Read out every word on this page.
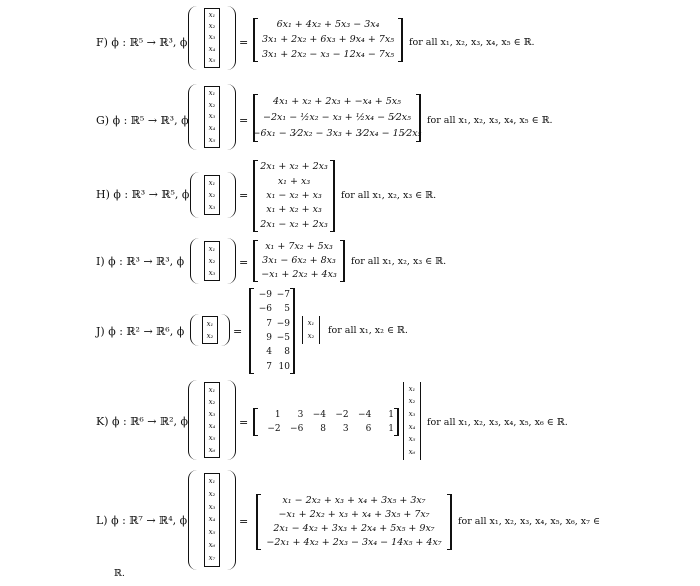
F) ϕ : ℝ⁵ → ℝ³, ϕ
x₁
x₂
x₃
x₄
x₅
=
6x₁ + 4x₂ + 5x₃ − 3x₄
3x₁ + 2x₂ + 6x₃ + 9x₄ + 7x₅
3x₁ + 2x₂ − x₃ − 12x₄ − 7x₅
for all x₁, x₂, x₃, x₄, x₅ ∈ ℝ.
G) ϕ : ℝ⁵ → ℝ³, ϕ
x₁
x₂
x₃
x₄
x₅
=
4x₁ + x₂ + 2x₃ + −x₄ + 5x₅
−2x₁ − ½x₂ − x₃ + ½x₄ − 5⁄2x₅
−6x₁ − 3⁄2x₂ − 3x₃ + 3⁄2x₄ − 15⁄2x₅
for all x₁, x₂, x₃, x₄, x₅ ∈ ℝ.
H) ϕ : ℝ³ → ℝ⁵, ϕ
x₁
x₂
x₃
=
2x₁ + x₂ + 2x₃
x₁ + x₃
x₁ − x₂ + x₃
x₁ + x₂ + x₃
2x₁ − x₂ + 2x₃
for all x₁, x₂, x₃ ∈ ℝ.
I) ϕ : ℝ³ → ℝ³, ϕ
x₁
x₂
x₃
=
x₁ + 7x₂ + 5x₃
3x₁ − 6x₂ + 8x₃
−x₁ + 2x₂ + 4x₃
for all x₁, x₂, x₃ ∈ ℝ.
J) ϕ : ℝ² → ℝ⁶, ϕ
x₁
x₂ =
−9 −7
−6	5
7 −9
9 −5
4	8
7 10
x₁
x₂ for all x₁, x₂ ∈ ℝ.
K) ϕ : ℝ⁶ → ℝ², ϕ
x₁
x₂
x₃
x₄
x₅
x₆
=
1	3	−4	−2	−4	1
−2	−6	8	3	6	1
x₁
x₂
x₃
x₄
x₅
x₆
for all x₁, x₂, x₃, x₄, x₅, x₆ ∈ ℝ.
L) ϕ : ℝ⁷ → ℝ⁴, ϕ
x₁
x₂
x₃
x₄
x₅
x₆
x₇
=
x₁ − 2x₂ + x₃ + x₄ + 3x₅ + 3x₇
−x₁ + 2x₂ + x₃ + x₄ + 3x₅ + 7x₇
2x₁ − 4x₂ + 3x₃ + 2x₄ + 5x₅ + 9x₇
−2x₁ + 4x₂ + 2x₃ − 3x₄ − 14x₅ + 4x₇
for all x₁, x₂, x₃, x₄, x₅, x₆, x₇ ∈
ℝ.
